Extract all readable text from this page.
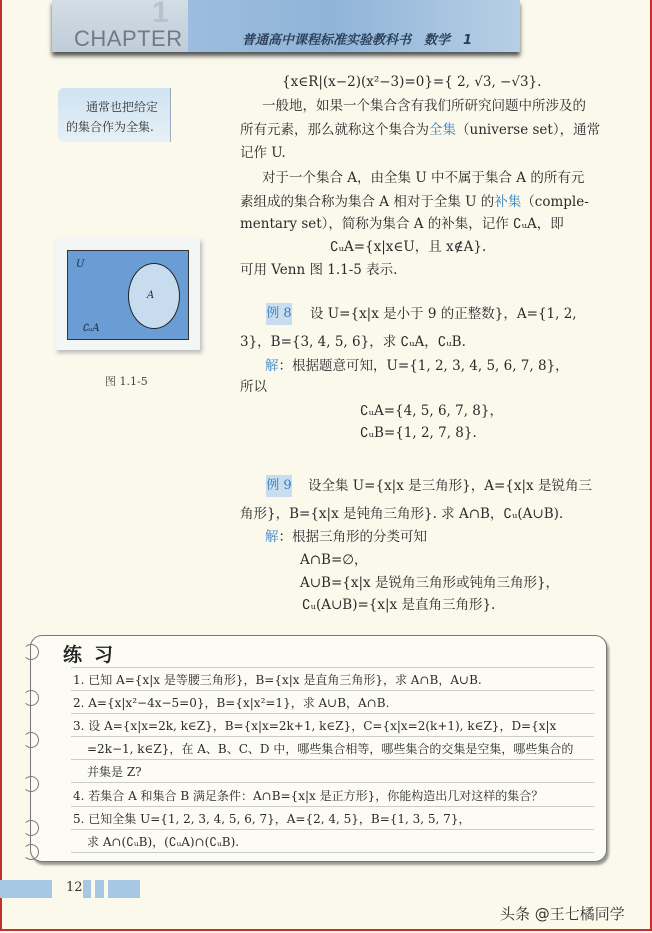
1
CHAPTER	普通高中课程标准实验教科书　数学　1
通常也把给定
的集合作为全集.
{x∈R|(x−2)(x²−3)=0}={ 2, √3, −√3}.
一般地，如果一个集合含有我们所研究问题中所涉及的
所有元素，那么就称这个集合为全集（universe set），通常
记作 U.
对于一个集合 A，由全集 U 中不属于集合 A 的所有元
素组成的集合称为集合 A 相对于全集 U 的补集（comple-
mentary set），简称为集合 A 的补集，记作 ∁ᵤA，即
∁ᵤA={x|x∈U，且 x∉A}.
可用 Venn 图 1.1-5 表示.
U
A
∁ᵤA
图 1.1-5
例 8 设 U={x|x 是小于 9 的正整数}，A={1, 2,
3}，B={3, 4, 5, 6}，求 ∁ᵤA，∁ᵤB.
解：根据题意可知，U={1, 2, 3, 4, 5, 6, 7, 8}，
所以
∁ᵤA={4, 5, 6, 7, 8}，
∁ᵤB={1, 2, 7, 8}.
例 9 设全集 U={x|x 是三角形}，A={x|x 是锐角三
角形}，B={x|x 是钝角三角形}. 求 A∩B，∁ᵤ(A∪B).
解：根据三角形的分类可知
A∩B=∅，
A∪B={x|x 是锐角三角形或钝角三角形}，
∁ᵤ(A∪B)={x|x 是直角三角形}.
练习
1. 已知 A={x|x 是等腰三角形}，B={x|x 是直角三角形}，求 A∩B，A∪B.
2. A={x|x²−4x−5=0}，B={x|x²=1}，求 A∪B，A∩B.
3. 设 A={x|x=2k, k∈Z}，B={x|x=2k+1, k∈Z}，C={x|x=2(k+1), k∈Z}，D={x|x
=2k−1, k∈Z}，在 A、B、C、D 中，哪些集合相等，哪些集合的交集是空集，哪些集合的
并集是 Z?
4. 若集合 A 和集合 B 满足条件：A∩B={x|x 是正方形}，你能构造出几对这样的集合？
5. 已知全集 U={1, 2, 3, 4, 5, 6, 7}，A={2, 4, 5}，B={1, 3, 5, 7}，
求 A∩(∁ᵤB)，(∁ᵤA)∩(∁ᵤB).
12
头条 @王七橘同学
